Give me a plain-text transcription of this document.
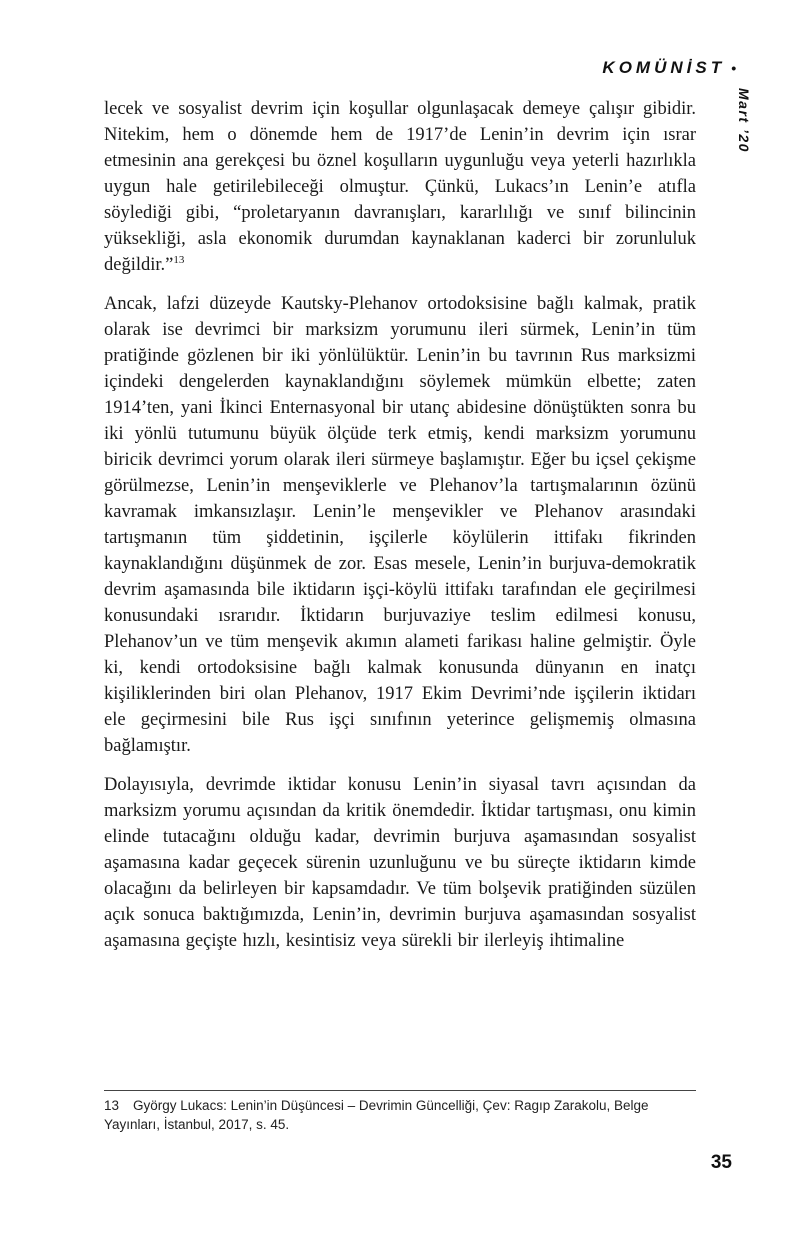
KOMÜNİST •
Mart ’20

lecek ve sosyalist devrim için koşullar olgunlaşacak demeye çalışır gibidir. Nitekim, hem o dönemde hem de 1917’de Lenin’in devrim için ısrar etmesinin ana gerekçesi bu öznel koşulların uygunluğu veya yeterli hazırlıkla uygun hale getirilebileceği olmuştur. Çünkü, Lukacs’ın Lenin’e atıfla söylediği gibi, “proletaryanın davranışları, kararlılığı ve sınıf bilincinin yüksekliği, asla ekonomik durumdan kaynaklanan kaderci bir zorunluluk değildir.”$^{13}$

Ancak, lafzi düzeyde Kautsky-Plehanov ortodoksisine bağlı kalmak, pratik olarak ise devrimci bir marksizm yorumunu ileri sürmek, Lenin’in tüm pratiğinde gözlenen bir iki yönlülüktür. Lenin’in bu tavrının Rus marksizmi içindeki dengelerden kaynaklandığını söylemek mümkün elbette; zaten 1914’ten, yani İkinci Enternasyonal bir utanç abidesine dönüştükten sonra bu iki yönlü tutumunu büyük ölçüde terk etmiş, kendi marksizm yorumunu biricik devrimci yorum olarak ileri sürmeye başlamıştır. Eğer bu içsel çekişme görülmezse, Lenin’in menşeviklerle ve Plehanov’la tartışmalarının özünü kavramak imkansızlaşır. Lenin’le menşevikler ve Plehanov arasındaki tartışmanın tüm şiddetinin, işçilerle köylülerin ittifakı fikrinden kaynaklandığını düşünmek de zor. Esas mesele, Lenin’in burjuva-demokratik devrim aşamasında bile iktidarın işçi-köylü ittifakı tarafından ele geçirilmesi konusundaki ısrarıdır. İktidarın burjuvaziye teslim edilmesi konusu, Plehanov’un ve tüm menşevik akımın alameti farikası haline gelmiştir. Öyle ki, kendi ortodoksisine bağlı kalmak konusunda dünyanın en inatçı kişiliklerinden biri olan Plehanov, 1917 Ekim Devrimi’nde işçilerin iktidarı ele geçirmesini bile Rus işçi sınıfının yeterince gelişmemiş olmasına bağlamıştır.

Dolayısıyla, devrimde iktidar konusu Lenin’in siyasal tavrı açısından da marksizm yorumu açısından da kritik önemdedir. İktidar tartışması, onu kimin elinde tutacağını olduğu kadar, devrimin burjuva aşamasından sosyalist aşamasına kadar geçecek sürenin uzunluğunu ve bu süreçte iktidarın kimde olacağını da belirleyen bir kapsamdadır. Ve tüm bolşevik pratiğinden süzülen açık sonuca baktığımızda, Lenin’in, devrimin burjuva aşamasından sosyalist aşamasına geçişte hızlı, kesintisiz veya sürekli bir ilerleyiş ihtimaline

13 György Lukacs: Lenin’in Düşüncesi – Devrimin Güncelliği, Çev: Ragıp Zarakolu, Belge Yayınları, İstanbul, 2017, s. 45.
35
